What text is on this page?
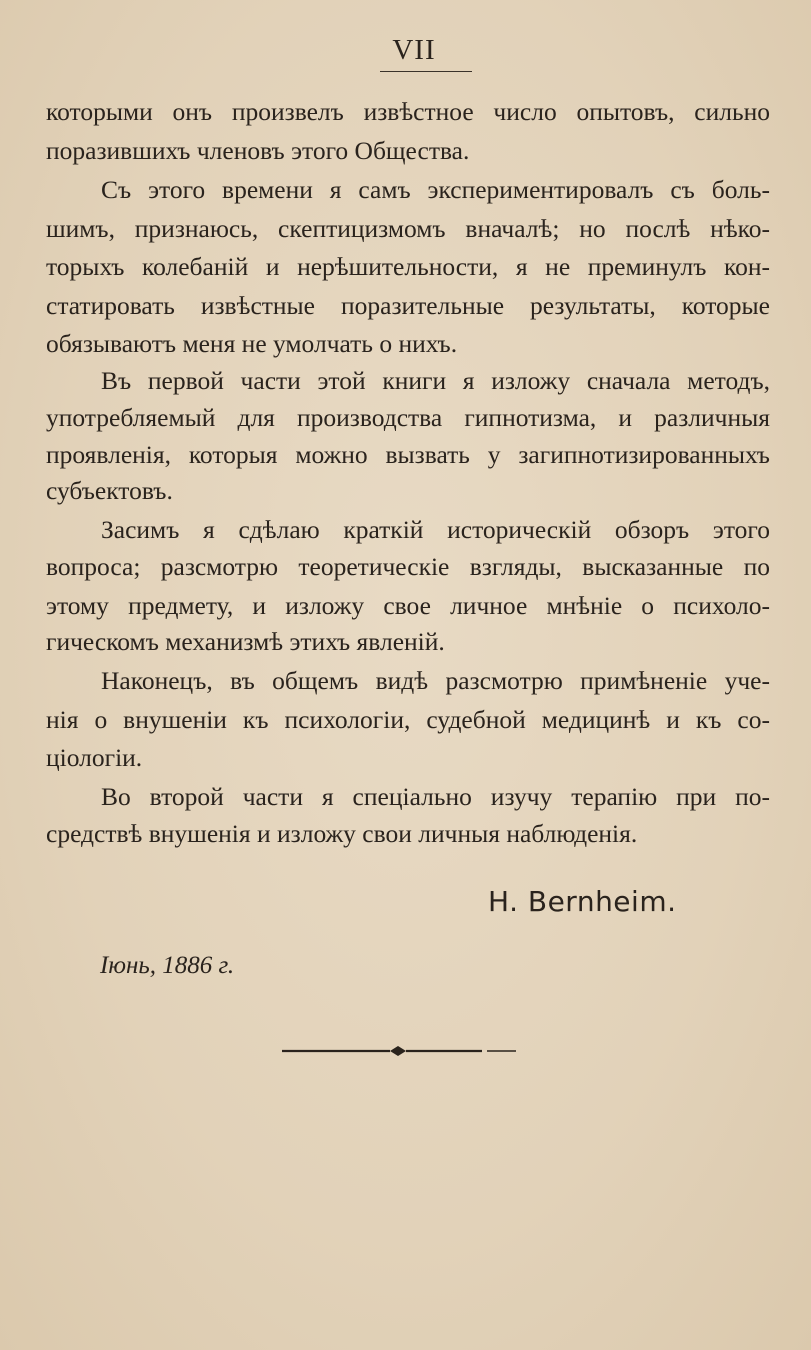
VII
которыми онъ произвелъ извѣстное число опытовъ, сильно
поразившихъ членовъ этого Общества.
Съ этого времени я самъ экспериментировалъ съ боль-
шимъ, признаюсь, скептицизмомъ вначалѣ; но послѣ нѣко-
торыхъ колебаній и нерѣшительности, я не преминулъ кон-
статировать извѣстные поразительные результаты, которые
обязываютъ меня не умолчать о нихъ.
Въ первой части этой книги я изложу сначала методъ,
употребляемый для производства гипнотизма, и различныя
проявленія, которыя можно вызвать у загипнотизированныхъ
субъектовъ.
Засимъ я сдѣлаю краткій историческій обзоръ этого
вопроса; разсмотрю теоретическіе взгляды, высказанные по
этому предмету, и изложу свое личное мнѣніе о психоло-
гическомъ механизмѣ этихъ явленій.
Наконецъ, въ общемъ видѣ разсмотрю примѣненіе уче-
нія о внушеніи къ психологіи, судебной медицинѣ и къ со-
ціологіи.
Во второй части я спеціально изучу терапію при по-
средствѣ внушенія и изложу свои личныя наблюденія.
H. Bernheim.
Іюнь, 1886 г.
